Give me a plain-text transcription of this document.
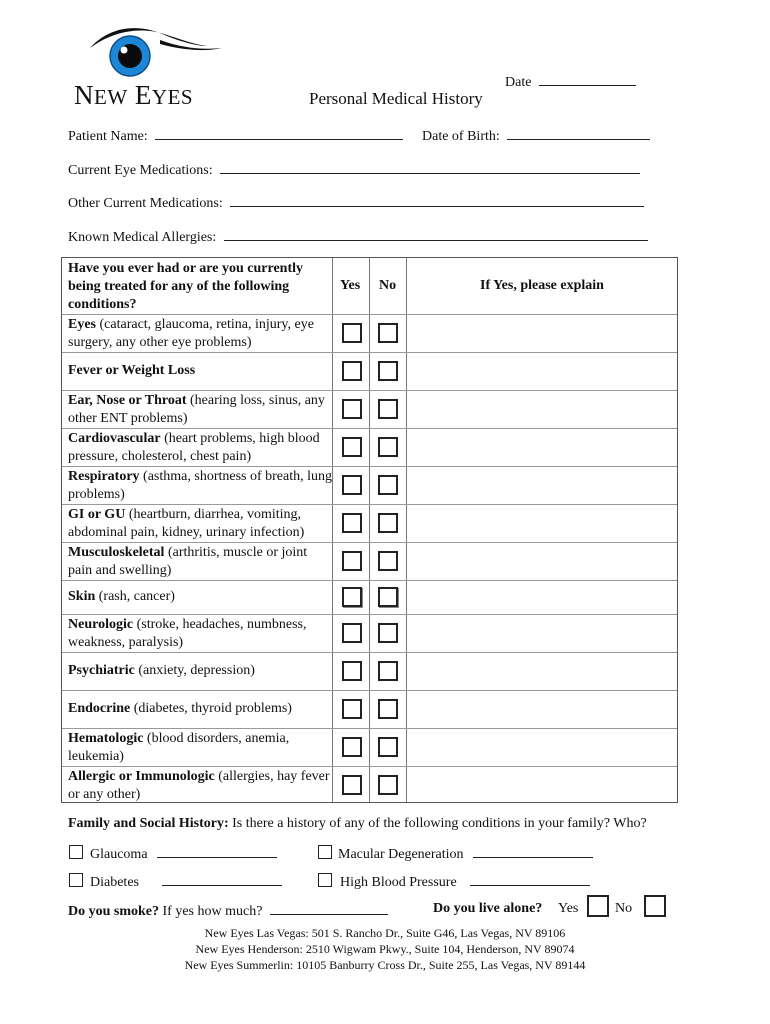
NEW EYES
Date
Personal Medical History
Patient Name:	Date of Birth:
Current Eye Medications:
Other Current Medications:
Known Medical Allergies:
Have you ever had or are you currently being treated for any of the following conditions?
Yes No	If Yes, please explain
Eyes (cataract, glaucoma, retina, injury, eye surgery, any other eye problems)
Fever or Weight Loss
Ear, Nose or Throat (hearing loss, sinus, any other ENT problems)
Cardiovascular (heart problems, high blood pressure, cholesterol, chest pain)
Respiratory (asthma, shortness of breath, lung problems)
GI or GU (heartburn, diarrhea, vomiting, abdominal pain, kidney, urinary infection)
Musculoskeletal (arthritis, muscle or joint pain and swelling)
Skin (rash, cancer)
Neurologic (stroke, headaches, numbness, weakness, paralysis)
Psychiatric (anxiety, depression)
Endocrine (diabetes, thyroid problems)
Hematologic (blood disorders, anemia, leukemia)
Allergic or Immunologic (allergies, hay fever or any other)
Family and Social History: Is there a history of any of the following conditions in your family? Who?
Glaucoma	Macular Degeneration
Diabetes	High Blood Pressure
Do you smoke? If yes how much?	Do you live alone? Yes	No
New Eyes Las Vegas: 501 S. Rancho Dr., Suite G46, Las Vegas, NV 89106
New Eyes Henderson: 2510 Wigwam Pkwy., Suite 104, Henderson, NV 89074
New Eyes Summerlin: 10105 Banburry Cross Dr., Suite 255, Las Vegas, NV 89144
